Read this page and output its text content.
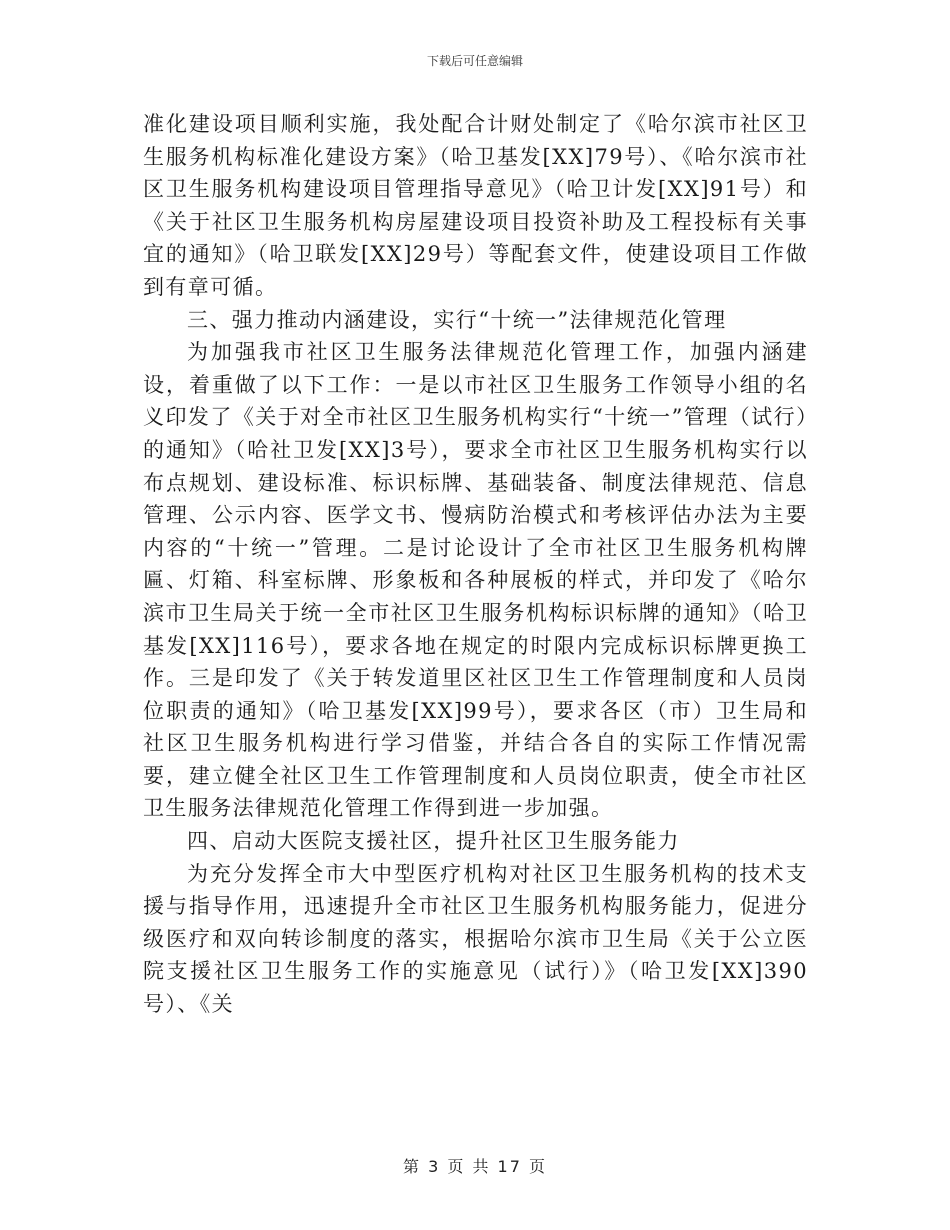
下载后可任意编辑

准化建设项目顺利实施，我处配合计财处制定了《哈尔滨市社区卫生服务机构标准化建设方案》（哈卫基发[XX]79号）、《哈尔滨市社区卫生服务机构建设项目管理指导意见》（哈卫计发[XX]91号）和《关于社区卫生服务机构房屋建设项目投资补助及工程投标有关事宜的通知》（哈卫联发[XX]29号）等配套文件，使建设项目工作做到有章可循。

三、强力推动内涵建设，实行“十统一”法律规范化管理

为加强我市社区卫生服务法律规范化管理工作，加强内涵建设，着重做了以下工作：一是以市社区卫生服务工作领导小组的名义印发了《关于对全市社区卫生服务机构实行“十统一”管理（试行）的通知》（哈社卫发[XX]3号），要求全市社区卫生服务机构实行以布点规划、建设标准、标识标牌、基础装备、制度法律规范、信息管理、公示内容、医学文书、慢病防治模式和考核评估办法为主要内容的“十统一”管理。二是讨论设计了全市社区卫生服务机构牌匾、灯箱、科室标牌、形象板和各种展板的样式，并印发了《哈尔滨市卫生局关于统一全市社区卫生服务机构标识标牌的通知》（哈卫基发[XX]116号），要求各地在规定的时限内完成标识标牌更换工作。三是印发了《关于转发道里区社区卫生工作管理制度和人员岗位职责的通知》（哈卫基发[XX]99号），要求各区（市）卫生局和社区卫生服务机构进行学习借鉴，并结合各自的实际工作情况需要，建立健全社区卫生工作管理制度和人员岗位职责，使全市社区卫生服务法律规范化管理工作得到进一步加强。

四、启动大医院支援社区，提升社区卫生服务能力

为充分发挥全市大中型医疗机构对社区卫生服务机构的技术支援与指导作用，迅速提升全市社区卫生服务机构服务能力，促进分级医疗和双向转诊制度的落实，根据哈尔滨市卫生局《关于公立医院支援社区卫生服务工作的实施意见（试行）》（哈卫发[XX]390号）、《关

第 3 页 共 17 页
